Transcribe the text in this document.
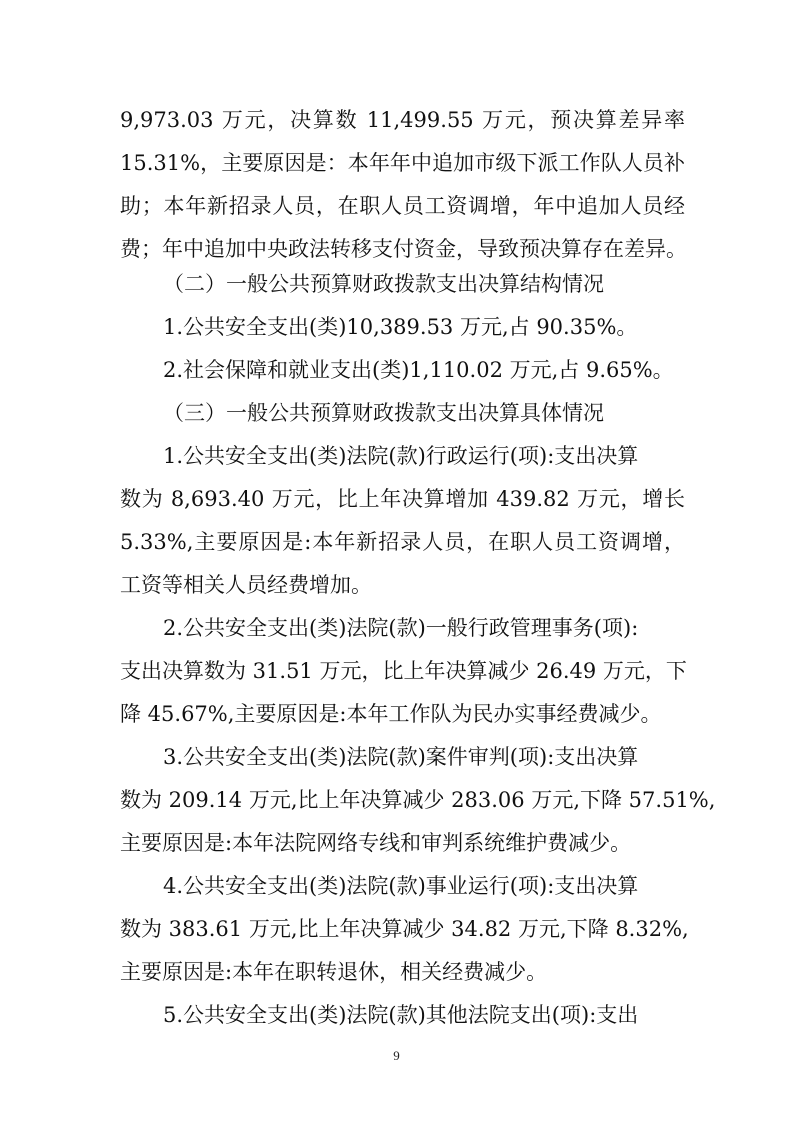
9,973.03 万元，决算数 11,499.55 万元，预决算差异率
15.31%，主要原因是：本年年中追加市级下派工作队人员补
助；本年新招录人员，在职人员工资调增，年中追加人员经
费；年中追加中央政法转移支付资金，导致预决算存在差异。
（二）一般公共预算财政拨款支出决算结构情况
1.公共安全支出(类)10,389.53 万元,占 90.35%。
2.社会保障和就业支出(类)1,110.02 万元,占 9.65%。
（三）一般公共预算财政拨款支出决算具体情况
1.公共安全支出(类)法院(款)行政运行(项):支出决算
数为 8,693.40 万元，比上年决算增加 439.82 万元，增长
5.33%,主要原因是:本年新招录人员，在职人员工资调增，
工资等相关人员经费增加。
2.公共安全支出(类)法院(款)一般行政管理事务(项):
支出决算数为 31.51 万元，比上年决算减少 26.49 万元，下
降 45.67%,主要原因是:本年工作队为民办实事经费减少。
3.公共安全支出(类)法院(款)案件审判(项):支出决算
数为 209.14 万元,比上年决算减少 283.06 万元,下降 57.51%,
主要原因是:本年法院网络专线和审判系统维护费减少。
4.公共安全支出(类)法院(款)事业运行(项):支出决算
数为 383.61 万元,比上年决算减少 34.82 万元,下降 8.32%,
主要原因是:本年在职转退休，相关经费减少。
5.公共安全支出(类)法院(款)其他法院支出(项):支出
9
